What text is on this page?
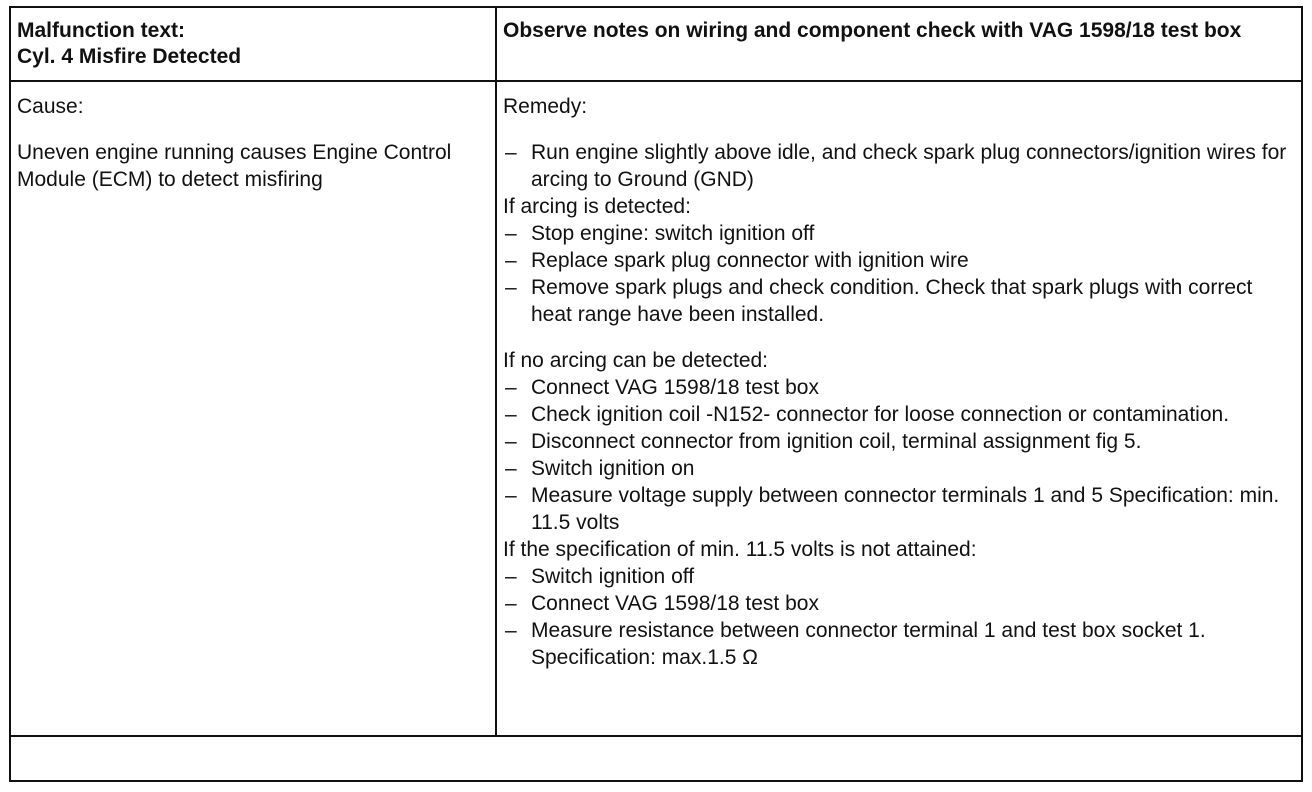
Malfunction text:
Cyl. 4 Misfire Detected
Observe notes on wiring and component check with VAG 1598/18 test box
Cause:
Uneven engine running causes Engine Control Module (ECM) to detect misfiring
Remedy:
– Run engine slightly above idle, and check spark plug connectors/ignition wires for arcing to Ground (GND)
If arcing is detected:
– Stop engine: switch ignition off
– Replace spark plug connector with ignition wire
– Remove spark plugs and check condition. Check that spark plugs with correct heat range have been installed.
If no arcing can be detected:
– Connect VAG 1598/18 test box
– Check ignition coil -N152- connector for loose connection or contamination.
– Disconnect connector from ignition coil, terminal assignment fig 5.
– Switch ignition on
– Measure voltage supply between connector terminals 1 and 5 Specification: min. 11.5 volts
If the specification of min. 11.5 volts is not attained:
– Switch ignition off
– Connect VAG 1598/18 test box
– Measure resistance between connector terminal 1 and test box socket 1. Specification: max.1.5 Ω
